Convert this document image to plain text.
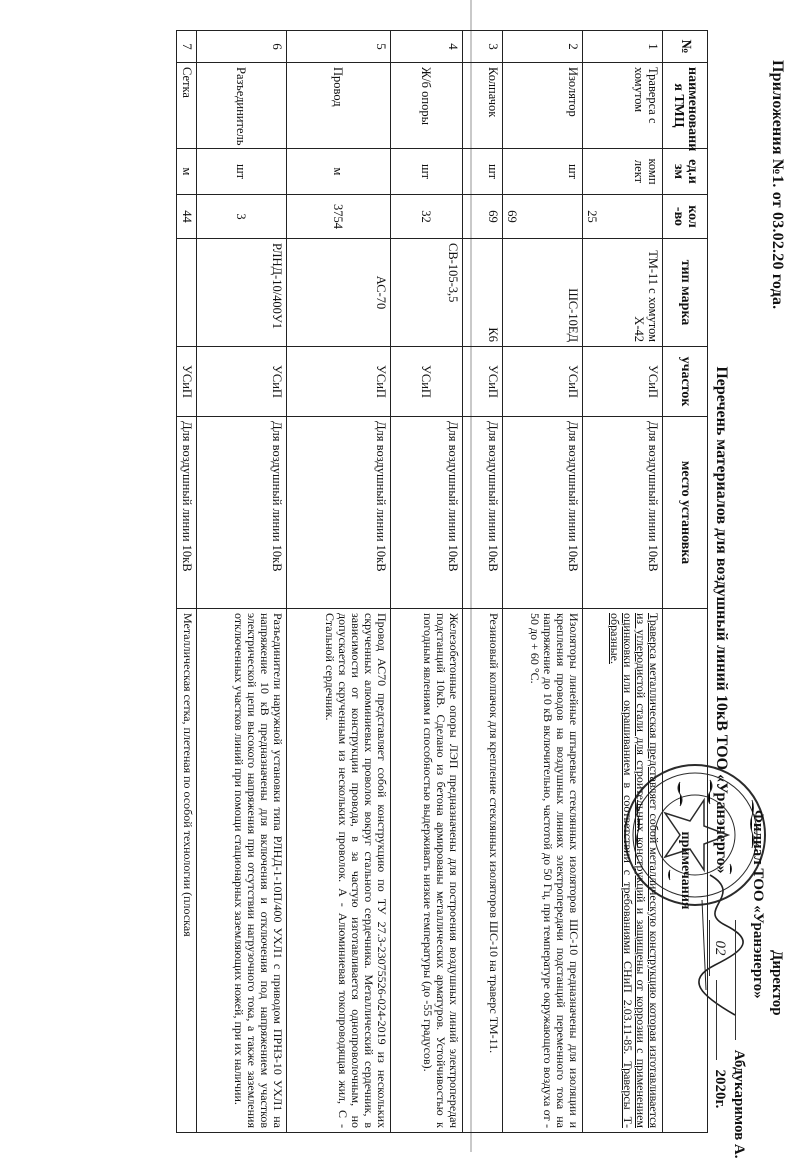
Приложения №1. от 03.02.20 года.
Перечень материалов для воздушный линий 10кВ ТОО «Уранэнерго»
Директор
Филиал ТОО «Уранэнерго»
Абдукаримов А.
02  2020г.
№	наименовани я ТМЦ	ед.и зм	кол -во	тип марка	участок	место установка	примечания
1	Траверса с хомутом	комп лект	25	ТМ-11 с хомутом Х-42	УСиП	Для воздушный линии 10кВ	Траверса металлическая представляет собой металлическую конструкцию которая изготавливается из углеродистой стали для строительных конструкций и защищены от коррозии с применением оцинковки или окрашиванием в соответствии с требованиями СНиП 2.03.11-85. Траверсы Т-образные.
2	Изолятор	шт	69	ШС-10ЕД	УСиП	Для воздушный линии 10кВ	Изоляторы линейные штыревые стеклянных изоляторов ШС-10 предназначены для изоляции и крепления проводов на воздушных линиях электропередачи подстанций переменного тока на напряжение до 10 кВ включительно, частотой до 50 Гц, при температуре окружающего воздуха от - 50 до + 60 °С.
3	Колпачок	шт	69	К6	УСиП	Для воздушный линии 10кВ	Резиновый колпачок для крепление стеклянных изоляторов ШС-10 на траверс ТМ-11.
4	Ж/б опоры	шт	32	СВ-105-3,5	УСиП	Для воздушный линии 10кВ	Железобетонные опоры ЛЭП предназначены для построения воздушных линий электропередач подстанций 10кВ. Сделано из бетона армированы металлических арматуров. Устойчивостью к погодным явлениям и способностью выдерживать низкие температуры (до -55 градусов).
5	Провод	м	3754	АС-70	УСиП	Для воздушный линии 10кВ	Провод АС70 представляет собой конструкцию по ТУ 27.3-23075526-024-2019 из нескольких скрученных алюминиевых проволок вокруг стального сердечника. Металлический сердечник, в зависимости от конструкции провода, в за частую изготавливается однопроволочным, но допускается скрученным из нескольких проволок. А - Алюминиевая токопроводящая жил, С - Стальной сердечник.
6	Разъединитель	шт	3	РЛНД-10/400У1	УСиП	Для воздушный линии 10кВ	Разъединители наружной установки типа РЛНД-1-10П/400 УХЛ1 с приводом ПРНЗ-10 УХЛ1 на напряжение 10 кВ предназначены для включения и отключения под напряжением участков электрической цепи высокого напряжения при отсутствии нагрузочного тока, а также заземления отключенных участков линий при помощи стационарных заземляющих ножей, при их наличии.
7	Сетка	м	44		УСиП	Для воздушный линии 10кВ	Металлическая сетка, плетеная по особой технологии (плоская
